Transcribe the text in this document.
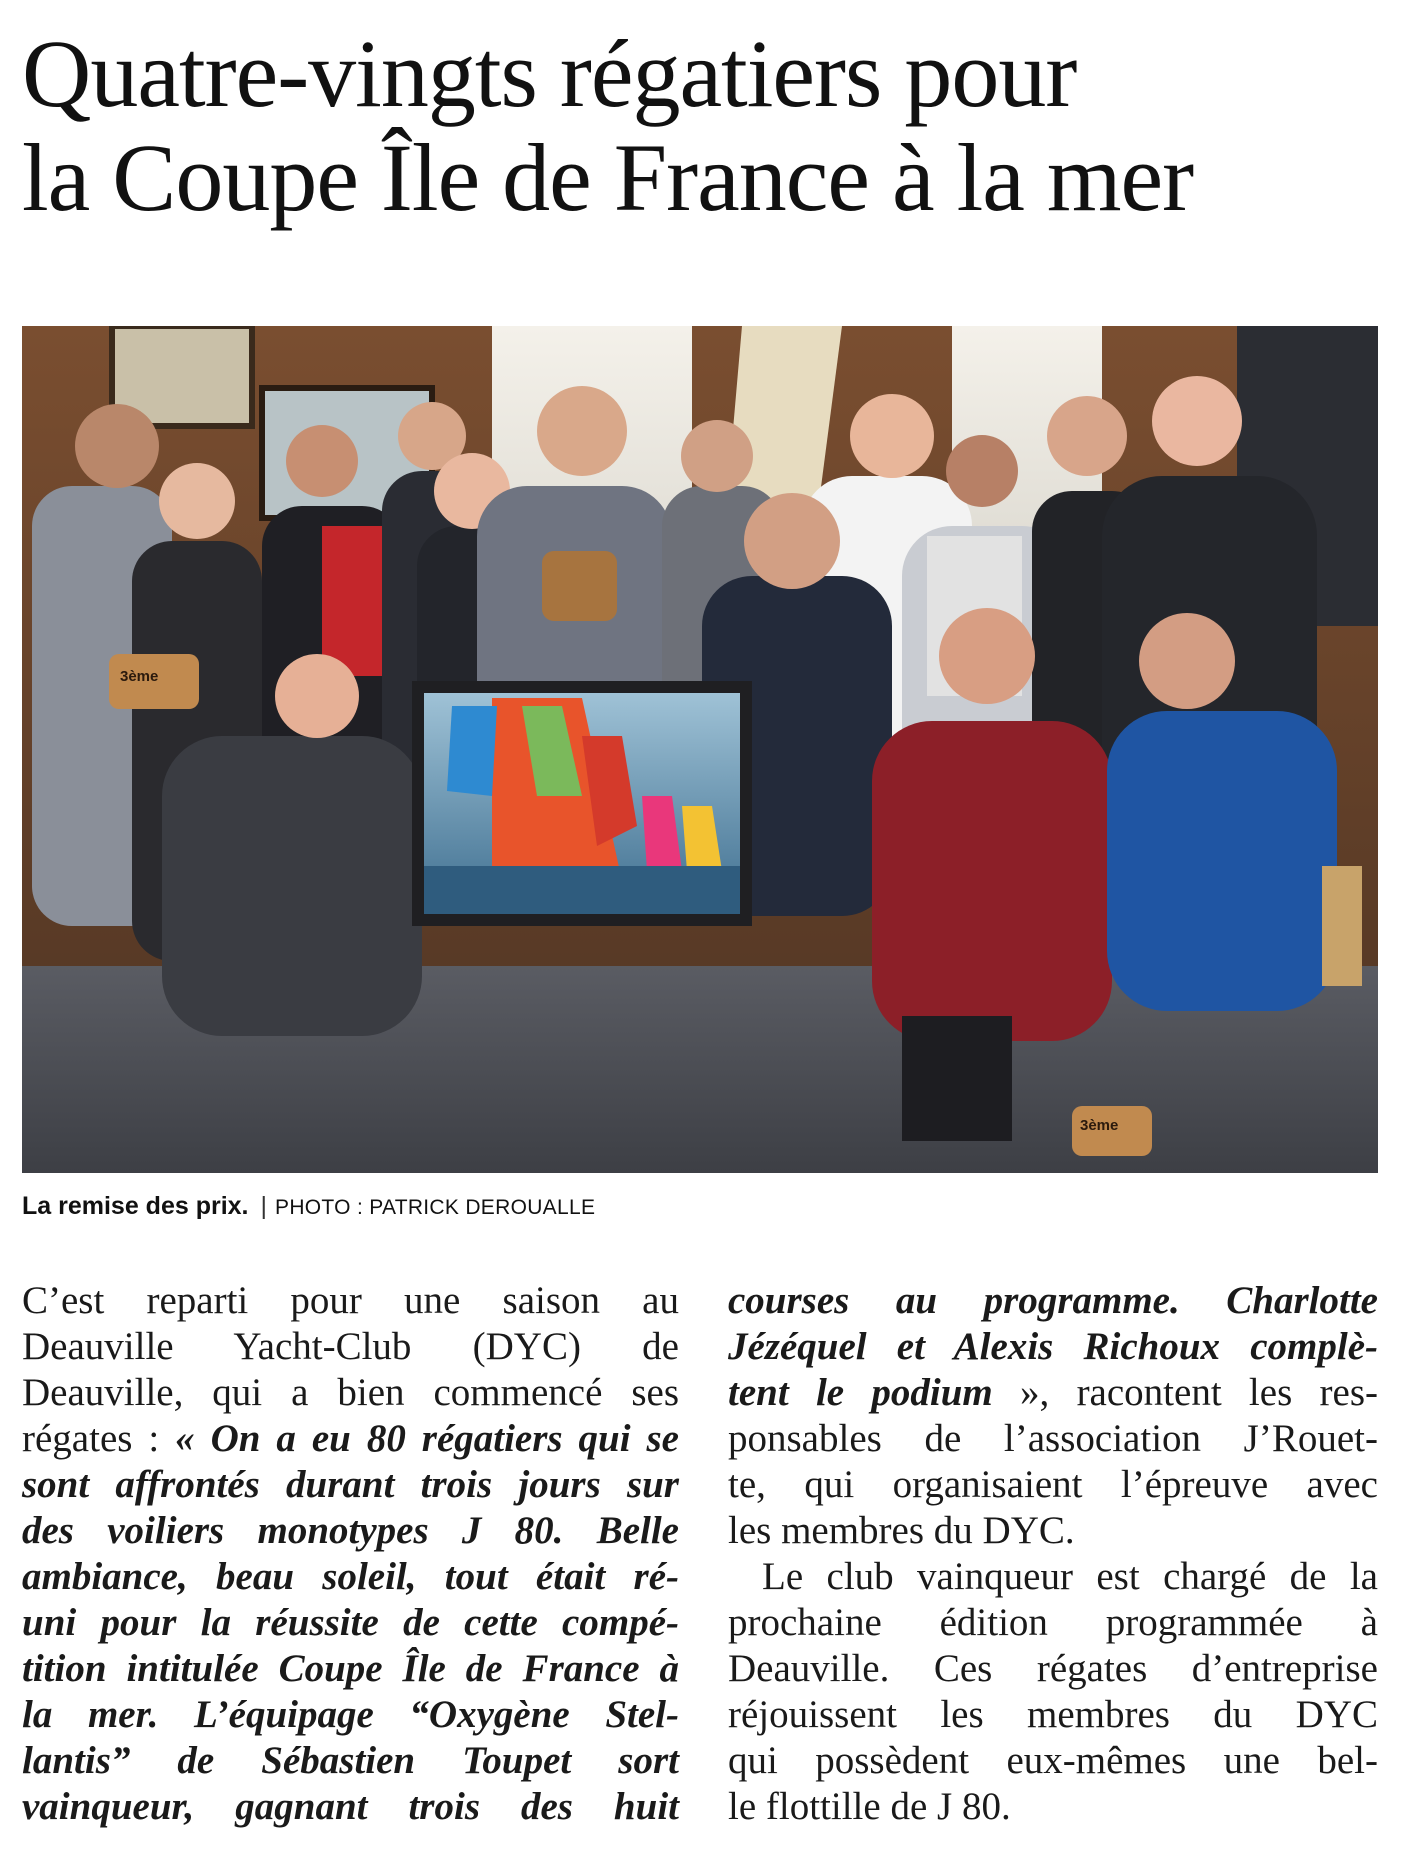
Quatre-vingts régatiers pour
la Coupe Île de France à la mer
3ème
3ème
La remise des prix. | PHOTO : PATRICK DEROUALLE
C’est reparti pour une saison au
Deauville Yacht-Club (DYC) de
Deauville, qui a bien commencé ses
régates : « On a eu 80 régatiers qui se
sont affrontés durant trois jours sur
des voiliers monotypes J 80. Belle
ambiance, beau soleil, tout était ré-
uni pour la réussite de cette compé-
tition intitulée Coupe Île de France à
la mer. L’équipage “Oxygène Stel-
lantis” de Sébastien Toupet sort
vainqueur, gagnant trois des huit
courses au programme. Charlotte
Jézéquel et Alexis Richoux complè-
tent le podium », racontent les res-
ponsables de l’association J’Rouet-
te, qui organisaient l’épreuve avec
les membres du DYC.
Le club vainqueur est chargé de la
prochaine édition programmée à
Deauville. Ces régates d’entreprise
réjouissent les membres du DYC
qui possèdent eux-mêmes une bel-
le flottille de J 80.
